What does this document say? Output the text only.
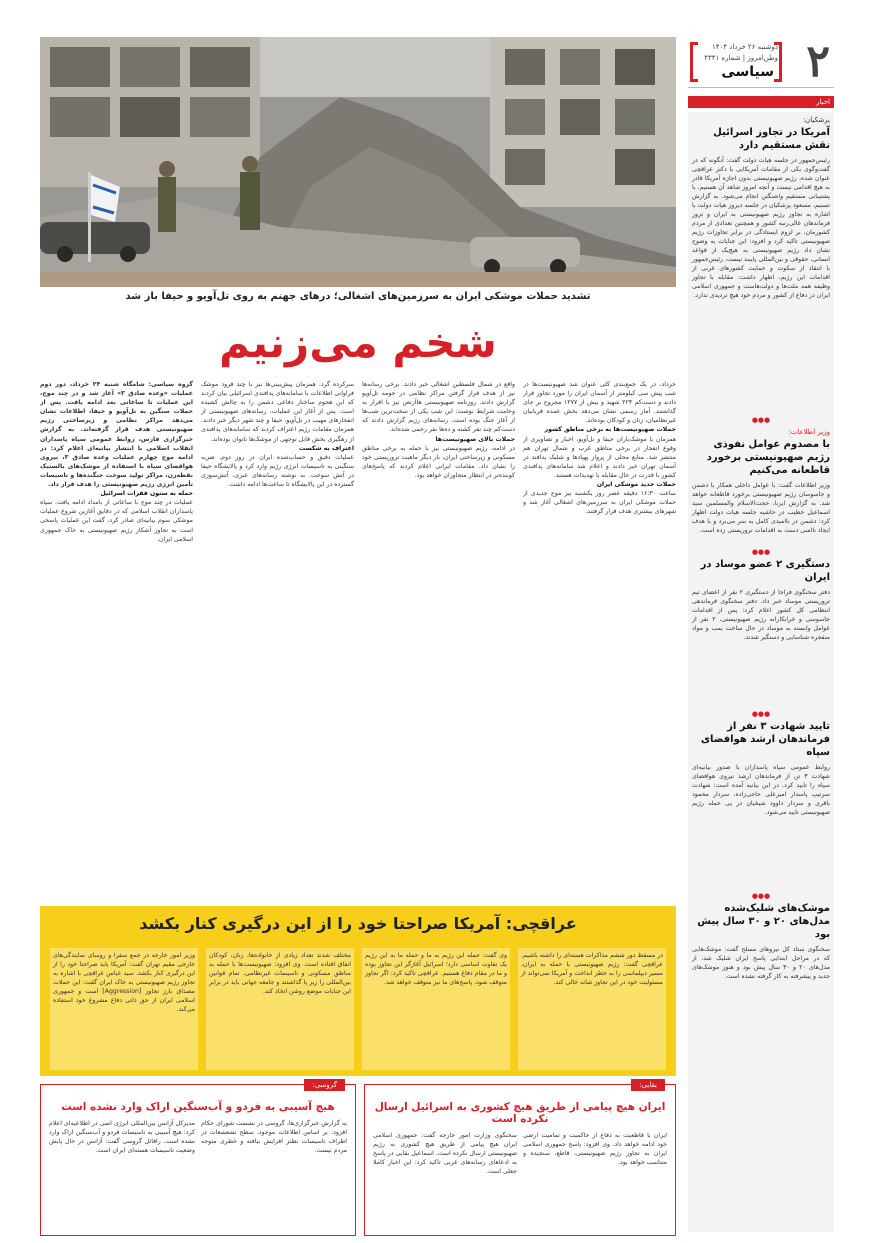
۲
دوشنبه ۲۶ خرداد ۱۴۰۴
وطن‌امروز | شماره ۴۳۴۱
سیاسی
اخبار
پزشکیان:
آمریکا در تجاوز اسرائیل نقش مستقیم دارد
رئیس‌جمهور در جلسه هیات دولت گفت: آنگونه که در گفت‌وگوی یکی از مقامات آمریکایی با دکتر عراقچی عنوان شده، رژیم صهیونیستی بدون اجازه آمریکا قادر به هیچ اقدامی نیست و آنچه امروز شاهد آن هستیم، با پشتیبانی مستقیم واشنگتن انجام می‌شود. به گزارش تسنیم، مسعود پزشکیان در جلسه دیروز هیات دولت با اشاره به تجاوز رژیم صهیونیستی به ایران و ترور فرماندهان عالی‌رتبه کشور و همچنین تعدادی از مردم کشورمان، بر لزوم ایستادگی در برابر تجاوزات رژیم صهیونیستی تاکید کرد و افزود: این جنایات به وضوح نشان داد رژیم صهیونیستی به هیچ‌یک از قواعد انسانی، حقوقی و بین‌المللی پایبند نیست. رئیس‌جمهور با انتقاد از سکوت و حمایت کشورهای غربی از اقدامات این رژیم، اظهار داشت: مقابله با تجاوز وظیفه همه ملت‌ها و دولت‌هاست و جمهوری اسلامی ایران در دفاع از کشور و مردم خود هیچ تردیدی ندارد.
●●●
وزیر اطلاعات:
با مصدوم عوامل نفوذی رژیم صهیونیستی برخورد قاطعانه می‌کنیم
وزیر اطلاعات گفت: با عوامل داخلی همکار با دشمن و جاسوسان رژیم صهیونیستی برخورد قاطعانه خواهد شد. به گزارش ایرنا، حجت‌الاسلام والمسلمین سید اسماعیل خطیب در حاشیه جلسه هیات دولت اظهار کرد: دشمن در ناامیدی کامل به سر می‌برد و با هدف ایجاد ناامنی دست به اقدامات تروریستی زده است.
●●●
دستگیری ۲ عضو موساد در ایران
دفتر سخنگوی فراجا از دستگیری ۲ نفر از اعضای تیم تروریستی موساد خبر داد. دفتر سخنگوی فرماندهی انتظامی کل کشور اعلام کرد: پس از اقدامات جاسوسی و خرابکارانه رژیم صهیونیستی، ۲ نفر از عوامل وابسته به موساد در حال ساخت بمب و مواد منفجره شناسایی و دستگیر شدند.
●●●
تایید شهادت ۳ نفر از فرماندهان ارشد هوافضای سپاه
روابط عمومی سپاه پاسداران با صدور بیانیه‌ای شهادت ۳ تن از فرماندهان ارشد نیروی هوافضای سپاه را تایید کرد. در این بیانیه آمده است: شهادت سرتیپ پاسدار امیرعلی حاجی‌زاده، سردار محمود باقری و سردار داوود شیخیان در پی حمله رژیم صهیونیستی تایید می‌شود.
●●●
موشک‌های شلیک‌شده مدل‌های ۲۰ و ۳۰ سال پیش بود
سخنگوی ستاد کل نیروهای مسلح گفت: موشک‌هایی که در مراحل ابتدایی پاسخ ایران شلیک شد، از مدل‌های ۲۰ و ۳۰ سال پیش بود و هنوز موشک‌های جدید و پیشرفته به کار گرفته نشده است.
تشدید حملات موشکی ایران به سرزمین‌های اشغالی؛ درهای جهنم به روی تل‌آویو و حیفا باز شد
شخم می‌زنیم

گروه سیاسی: شامگاه شنبه ۲۴ خرداد، دور دوم عملیات «وعده صادق ۳» آغاز شد و در چند موج، این عملیات تا ساعاتی بعد ادامه یافت. پس از حملات سنگین به تل‌آویو و حیفا، اطلاعات نشان می‌دهد مراکز نظامی و زیرساختی رژیم صهیونیستی هدف قرار گرفته‌اند. به گزارش خبرگزاری فارس، روابط عمومی سپاه پاسداران انقلاب اسلامی با انتشار بیانیه‌ای اعلام کرد: در ادامه موج چهارم عملیات وعده صادق ۳، نیروی هوافضای سپاه با استفاده از موشک‌های بالستیک نقطه‌زن، مراکز تولید سوخت جنگنده‌ها و تاسیسات تأمین انرژی رژیم صهیونیستی را هدف قرار داد.

حمله به ستون فقرات اسرائیل

عملیات در چند موج با ساعاتی از بامداد ادامه یافت. سپاه پاسداران انقلاب اسلامی که در دقایق آغازین شروع عملیات موشکی سوم بیانیه‌ای صادر کرد، گفت این عملیات پاسخی است به تجاوز آشکار رژیم صهیونیستی به خاک جمهوری اسلامی ایران.

سرکرده گرد. همزمان پیش‌بینی‌ها نیز با چند قرود موشک فراوانی اطلاعات با سامانه‌های پدافندی اسرائیلی بیان کردند که این هجوم ساختار دفاعی دشمن را به چالش کشیده است. پس از آغاز این عملیات، رسانه‌های صهیونیستی از انفجارهای مهیب در تل‌آویو، حیفا و چند شهر دیگر خبر دادند. همزمان مقامات رژیم اعتراف کردند که سامانه‌های پدافندی از رهگیری بخش قابل توجهی از موشک‌ها ناتوان بوده‌اند.

اعتراف به شکست

عملیات دقیق و حساب‌شده ایران در روز دوم، ضربه سنگینی به تاسیسات انرژی رژیم وارد کرد و پالایشگاه حیفا در آتش سوخت. به نوشته رسانه‌های عبری، آتش‌سوزی گسترده در این پالایشگاه تا ساعت‌ها ادامه داشت.

واقع در شمال فلسطین اشغالی خبر دادند. برخی رسانه‌ها نیز از هدف قرار گرفتن مراکز نظامی در حومه تل‌آویو گزارش دادند. روزنامه صهیونیستی هاآرتص نیز با اقرار به وخامت شرایط نوشت: این شب یکی از سخت‌ترین شب‌ها از آغاز جنگ بوده است. رسانه‌های رژیم گزارش دادند که دست‌کم چند نفر کشته و ده‌ها نفر زخمی شده‌اند.

حملات بالای صهیونیست‌ها

در ادامه، رژیم صهیونیستی نیز با حمله به برخی مناطق مسکونی و زیرساختی ایران، بار دیگر ماهیت تروریستی خود را نشان داد. مقامات ایرانی اعلام کردند که پاسخ‌های کوبنده‌تر در انتظار متجاوزان خواهد بود.

خرداد، در یک جمع‌بندی کلی عنوان شد صهیونیست‌ها در شب پیش سی کیلومتر از آسمان ایران را مورد تجاوز قرار دادند و دست‌کم ۲۲۴ شهید و بیش از ۱۲۷۷ مجروح بر جای گذاشتند. آمار رسمی نشان می‌دهد بخش عمده قربانیان غیرنظامیان، زنان و کودکان بوده‌اند.

حملات صهیونیست‌ها به برخی مناطق کشور

همزمان با موشک‌باران حیفا و تل‌آویو، اخبار و تصاویری از وقوع انفجار در برخی مناطق غرب و شمال تهران هم منتشر شد. منابع محلی از پرواز پهپادها و شلیک پدافند در آسمان تهران خبر دادند و اعلام شد سامانه‌های پدافندی کشور با قدرت در حال مقابله با تهدیدات هستند.

حملات جدید موشکی ایران

ساعت ۱۶:۳۰ دقیقه عصر روز یکشنبه نیز موج جدیدی از حملات موشکی ایران به سرزمین‌های اشغالی آغاز شد و شهرهای بیشتری هدف قرار گرفتند.

عراقچی: آمریکا صراحتا خود را از این درگیری کنار بکشد
وزیر امور خارجه در جمع سفرا و روسای نمایندگی‌های خارجی مقیم تهران گفت: آمریکا باید صراحتا خود را از این درگیری کنار بکشد. سید عباس عراقچی با اشاره به تجاوز رژیم صهیونیستی به خاک ایران گفت: این حملات مصداق بارز تجاوز [Aggression] است و جمهوری اسلامی ایران از حق ذاتی دفاع مشروع خود استفاده می‌کند.
مختلف شدند تعداد زیادی از خانواده‌ها، زنان، کودکان اتفاق افتاده است. وی افزود: صهیونیست‌ها با حمله به مناطق مسکونی و تاسیسات غیرنظامی، تمام قوانین بین‌المللی را زیر پا گذاشتند و جامعه جهانی باید در برابر این جنایات موضع روشن اتخاذ کند.
وی گفت: حمله این رژیم به ما و حمله ما به این رژیم یک تفاوت اساسی دارد؛ اسرائیل آغازگر این تجاوز بوده و ما در مقام دفاع هستیم. عراقچی تاکید کرد: اگر تجاوز متوقف شود، پاسخ‌های ما نیز متوقف خواهد شد.
در مسقط دور ششم مذاکرات هسته‌ای را داشته باشیم. عراقچی گفت: رژیم صهیونیستی با حمله به ایران، مسیر دیپلماسی را به خطر انداخت و آمریکا نمی‌تواند از مسئولیت خود در این تجاوز شانه خالی کند.
بقایی:
ایران هیچ پیامی از طریق هیچ کشوری به اسرائیل ارسال نکرده است
سخنگوی وزارت امور خارجه گفت: جمهوری اسلامی ایران هیچ پیامی از طریق هیچ کشوری به رژیم صهیونیستی ارسال نکرده است. اسماعیل بقایی در پاسخ به ادعاهای رسانه‌های غربی تاکید کرد: این اخبار کاملا جعلی است.
ایران با قاطعیت به دفاع از حاکمیت و تمامیت ارضی خود ادامه خواهد داد. وی افزود: پاسخ جمهوری اسلامی ایران به تجاوز رژیم صهیونیستی، قاطع، سنجیده و متناسب خواهد بود.
گروسی:
هیچ آسیبی به فردو و آب‌سنگین اراک وارد نشده است
مدیرکل آژانس بین‌المللی انرژی اتمی در اطلاعیه‌ای اعلام کرد: هیچ آسیبی به تاسیسات فردو و آب‌سنگین اراک وارد نشده است. رافائل گروسی گفت: آژانس در حال پایش وضعیت تاسیسات هسته‌ای ایران است.
به گزارش خبرگزاری‌ها، گروسی در نشست شورای حکام افزود: بر اساس اطلاعات موجود، سطح تشعشعات در اطراف تاسیسات نطنز افزایش نیافته و خطری متوجه مردم نیست.
